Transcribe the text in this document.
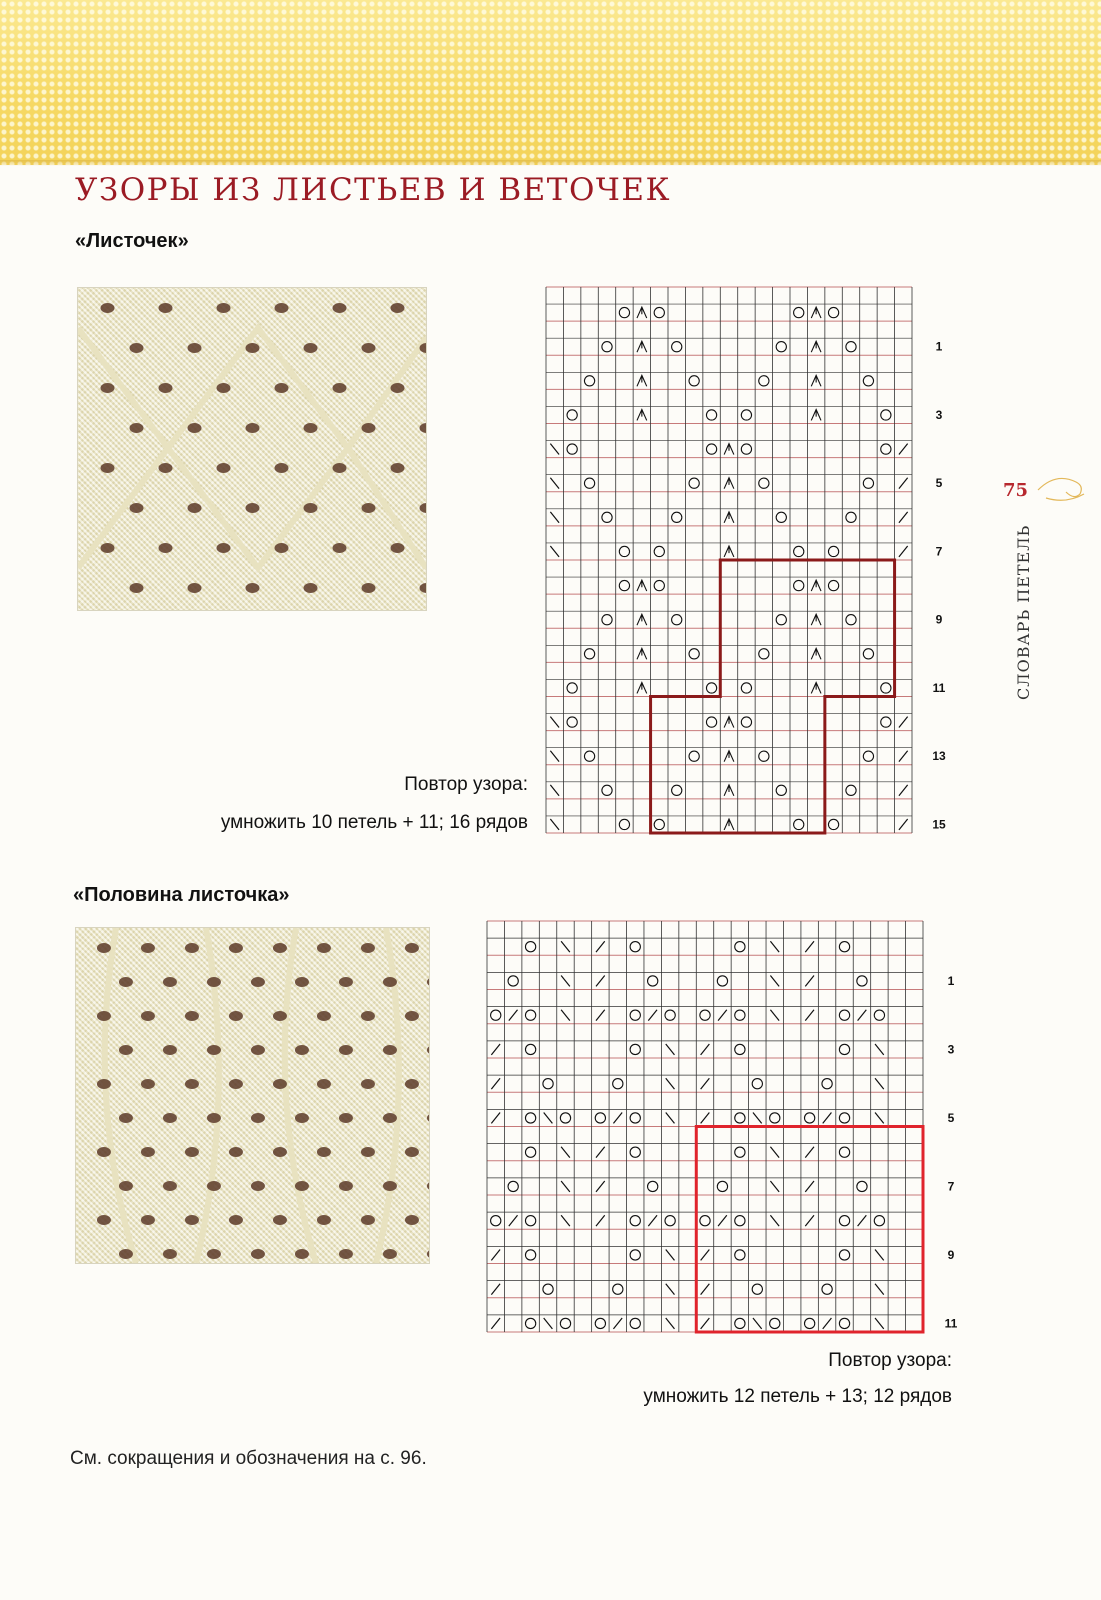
УЗОРЫ ИЗ ЛИСТЬЕВ И ВЕТОЧЕК
«Листочек»
15
13
11
9
7
5
3
1
Повтор узора:
умножить 10 петель + 11; 16 рядов
«Половина листочка»
11
9
7
5
3
1
Повтор узора:
умножить 12 петель + 13; 12 рядов
75
СЛОВАРЬ ПЕТЕЛЬ
См. сокращения и обозначения на с. 96.
